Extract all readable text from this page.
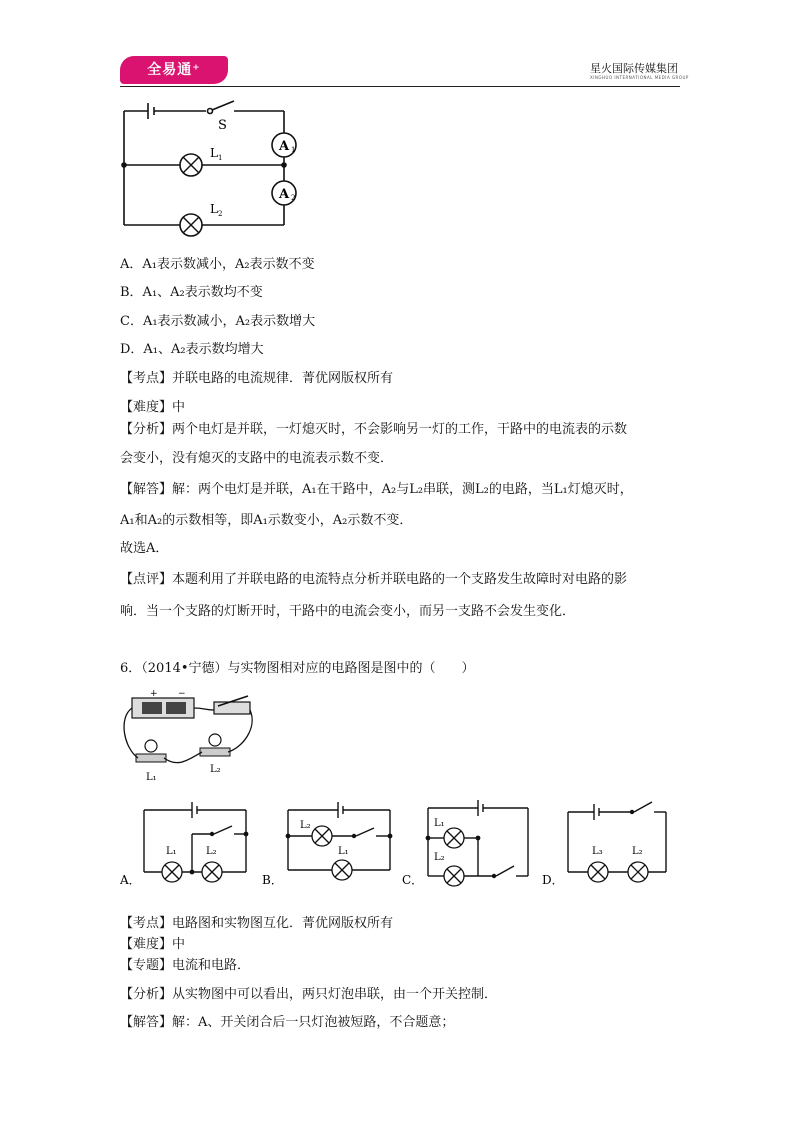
全易通⁺	星火国际传媒集团
XINGHUO INTERNATIONAL MEDIA GROUP
A 1
A 2
S
$L_1$
$L_2$
A．A₁表示数减小，A₂表示数不变
B．A₁、A₂表示数均不变
C．A₁表示数减小，A₂表示数增大
D．A₁、A₂表示数均增大
【考点】并联电路的电流规律．菁优网版权所有
【难度】中
【分析】两个电灯是并联，一灯熄灭时，不会影响另一灯的工作，干路中的电流表的示数
会变小，没有熄灭的支路中的电流表示数不变．
【解答】解：两个电灯是并联，A₁在干路中，A₂与L₂串联，测L₂的电路，当L₁灯熄灭时，
A₁和A₂的示数相等，即A₁示数变小，A₂示数不变．
故选A．
【点评】本题利用了并联电路的电流特点分析并联电路的一个支路发生故障时对电路的影
响．当一个支路的灯断开时，干路中的电流会变小，而另一支路不会发生变化．
6．（2014•宁德）与实物图相对应的电路图是图中的（　　）
+ −
L₁
L₂
L₁	L₂
L₂
L₁
L₁
L₂
L₃	L₂
A．	B．	C．	D．
【考点】电路图和实物图互化．菁优网版权所有
【难度】中
【专题】电流和电路．
【分析】从实物图中可以看出，两只灯泡串联，由一个开关控制．
【解答】解：A、开关闭合后一只灯泡被短路，不合题意；
